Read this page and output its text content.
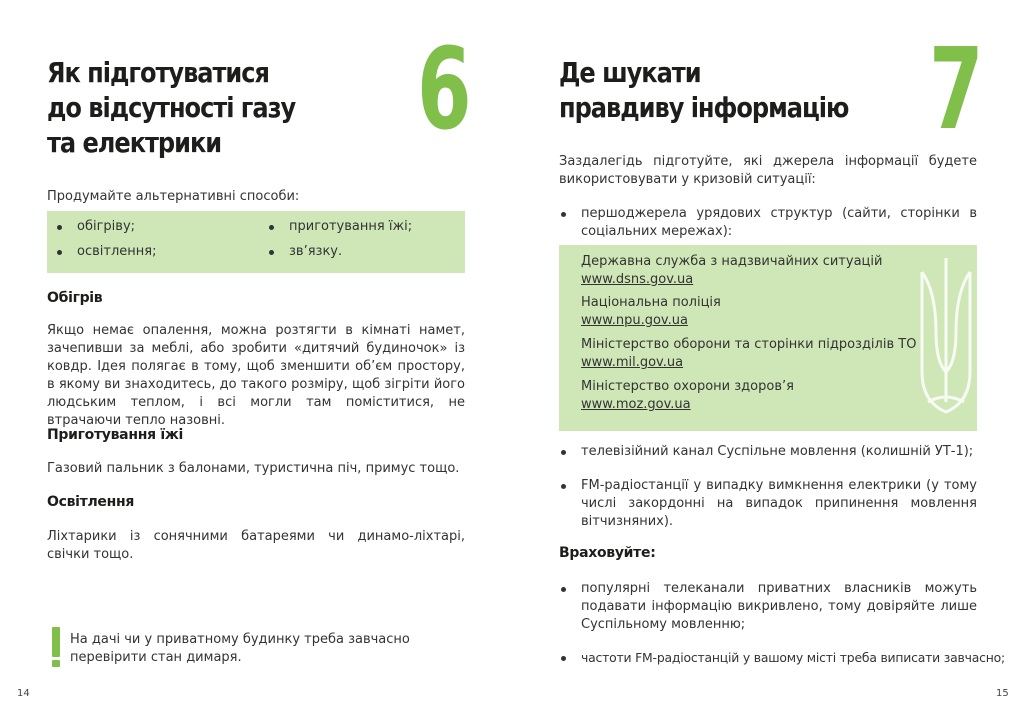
Як підготуватися
до відсутності газу
та електрики	6

Продумайте альтернативні способи:

обігріву;
освітлення;
приготування їжі;
зв’язку.
Обігрів

Якщо немає опалення, можна розтягти в кімнаті намет, зачепивши за меблі, або зробити «дитячий будиночок» із ковдр. Ідея полягає в тому, щоб зменшити об’єм простору, в якому ви знаходитесь, до такого розміру, щоб зігріти його людським теплом, і всі могли там поміститися, не втрачаючи тепло назовні.

Приготування їжі

Газовий пальник з балонами, туристична піч, примус тощо.

Освітлення

Ліхтарики із сонячними батареями чи динамо-ліхтарі, свічки тощо.

На дачі чи у приватному будинку треба завчасно перевірити стан димаря.

14
Де шукати
правдиву інформацію 7

Заздалегідь підготуйте, які джерела інформації будете використовувати у кризовій ситуації:

першоджерела урядових структур (сайти, сторінки в соціальних мережах):
Державна служба з надзвичайних ситуацій
www.dsns.gov.ua
Національна поліція
www.npu.gov.ua
Міністерство оборони та сторінки підрозділів ТО
www.mil.gov.ua
Міністерство охорони здоров’я
www.moz.gov.ua
телевізійний канал Суспільне мовлення (колишній УТ-1);
FM-радіостанції у випадку вимкнення електрики (у тому числі закордонні на випадок припинення мовлення вітчизняних).
Враховуйте:
популярні телеканали приватних власників можуть подавати інформацію викривлено, тому довіряйте лише Суспільному мовленню;
частоти FM-радіостанцій у вашому місті треба виписати завчасно;
15
